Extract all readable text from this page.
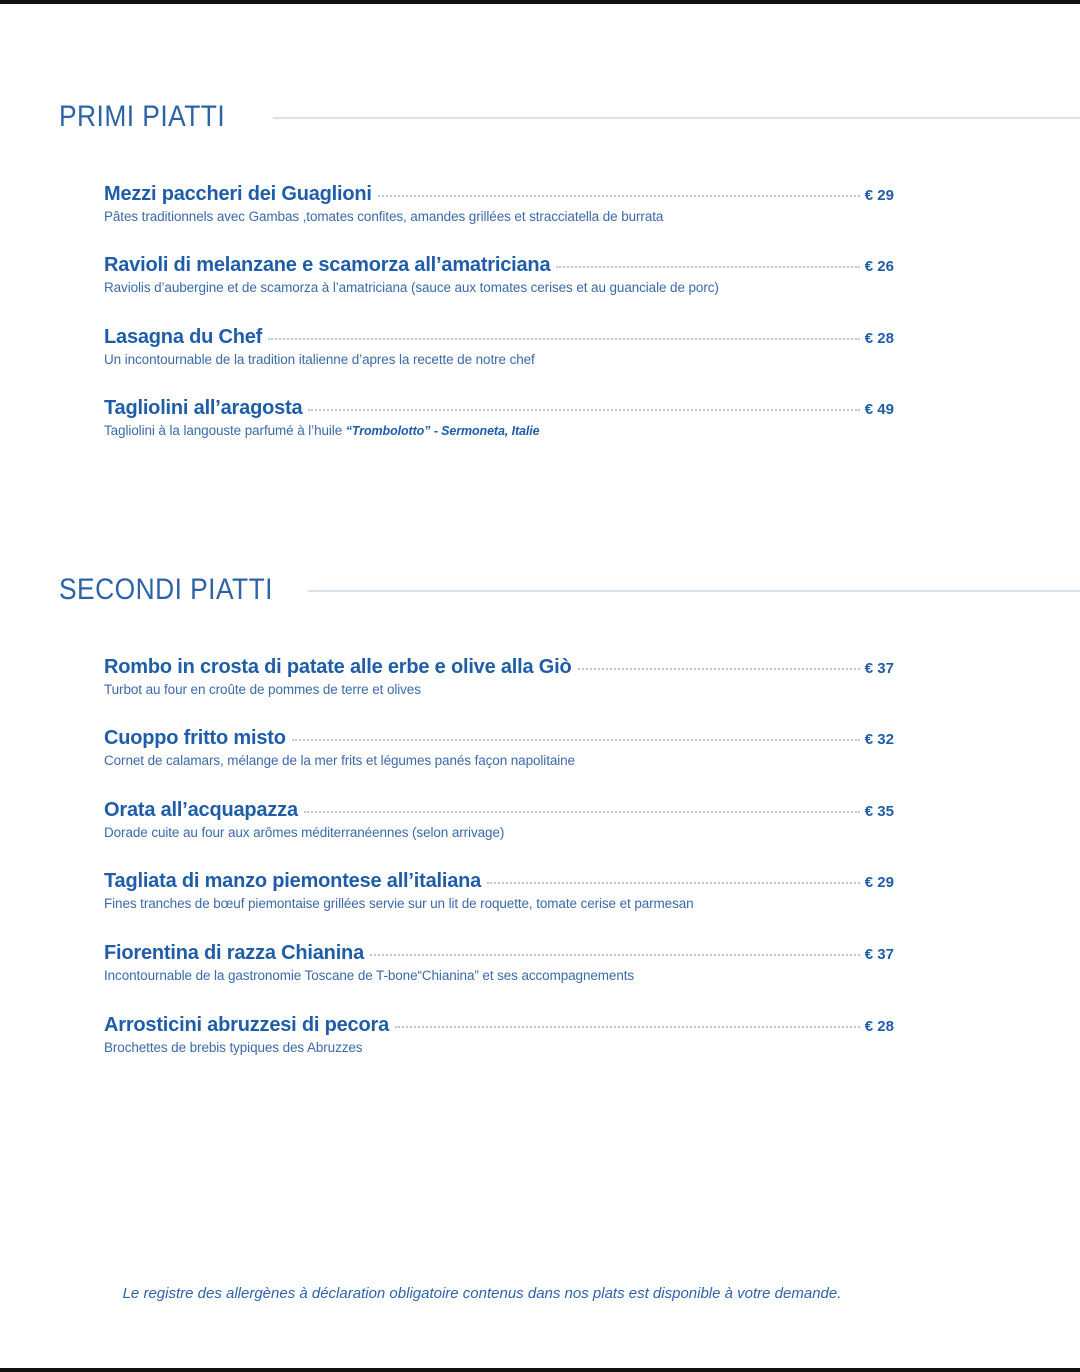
PRIMI PIATTI
Mezzi paccheri dei Guaglioni	€ 29
Pâtes traditionnels avec Gambas ,tomates confites, amandes grillées et stracciatella de burrata
Ravioli di melanzane e scamorza all’amatriciana	€ 26
Raviolis d’aubergine et de scamorza à l’amatriciana (sauce aux tomates cerises et au guanciale de porc)
Lasagna du Chef	€ 28
Un incontournable de la tradition italienne d’apres la recette de notre chef
Tagliolini all’aragosta	€ 49
Tagliolini à la langouste parfumé à l’huile “Trombolotto” - Sermoneta, Italie
SECONDI PIATTI
Rombo in crosta di patate alle erbe e olive alla Giò	€ 37
Turbot au four en croûte de pommes de terre et olives
Cuoppo fritto misto	€ 32
Cornet de calamars, mélange de la mer frits et légumes panés façon napolitaine
Orata all’acquapazza	€ 35
Dorade cuite au four aux arômes méditerranéennes (selon arrivage)
Tagliata di manzo piemontese all’italiana	€ 29
Fines tranches de bœuf piemontaise grillées servie sur un lit de roquette, tomate cerise et parmesan
Fiorentina di razza Chianina	€ 37
Incontournable de la gastronomie Toscane de T-bone“Chianina” et ses accompagnements
Arrosticini abruzzesi di pecora	€ 28
Brochettes de brebis typiques des Abruzzes
Le registre des allergènes à déclaration obligatoire contenus dans nos plats est disponible à votre demande.
